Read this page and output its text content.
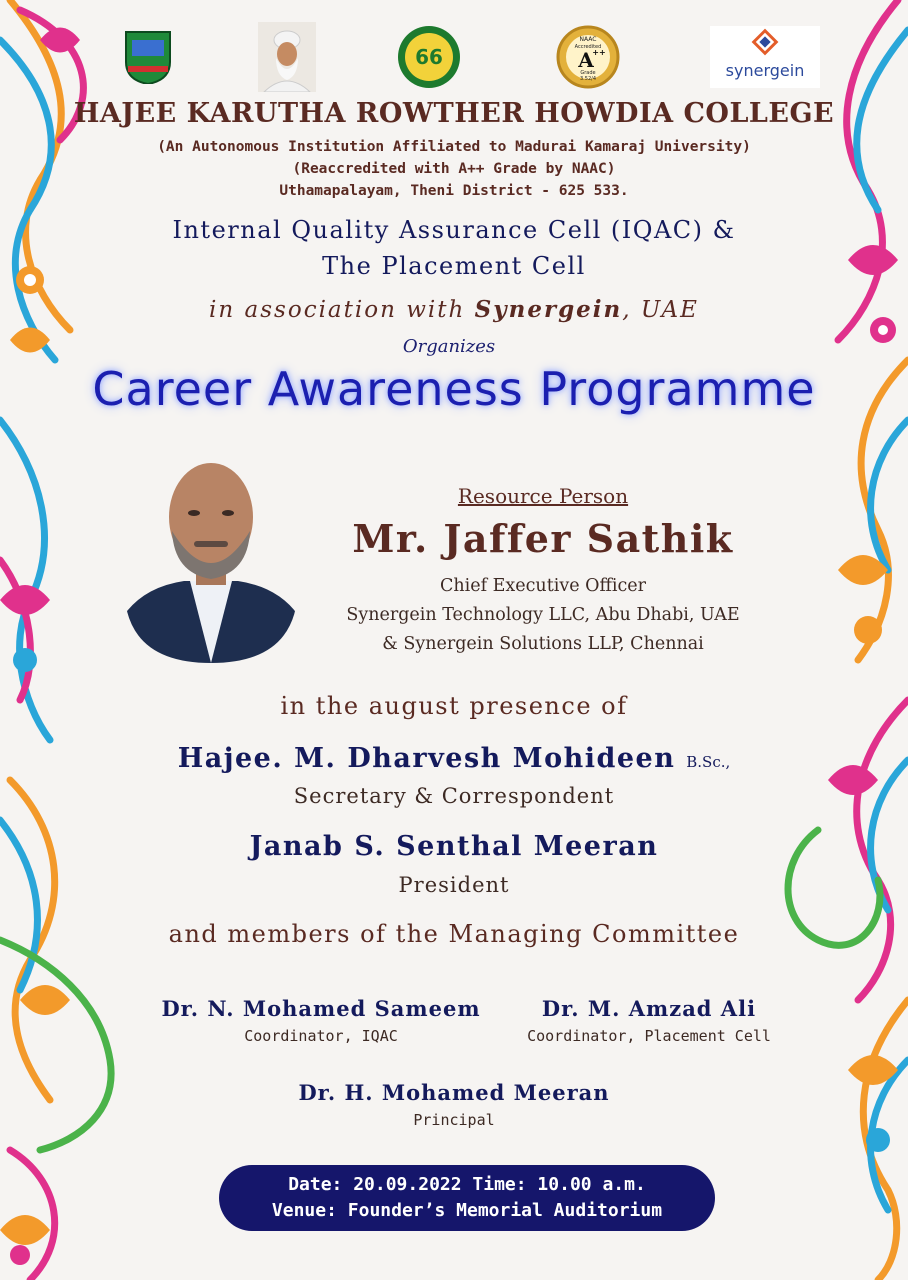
66
NAAC
Accredited
A
++
Grade
3.52/4	synergein
HAJEE KARUTHA ROWTHER HOWDIA COLLEGE
(An Autonomous Institution Affiliated to Madurai Kamaraj University)
(Reaccredited with A++ Grade by NAAC)
Uthamapalayam, Theni District - 625 533.
Internal Quality Assurance Cell (IQAC) &
The Placement Cell
in association with Synergein, UAE
Organizes
Career Awareness Programme
Resource Person
Mr. Jaffer Sathik
Chief Executive Officer
Synergein Technology LLC, Abu Dhabi, UAE
& Synergein Solutions LLP, Chennai
in the august presence of
Hajee. M. Dharvesh Mohideen B.Sc.,
Secretary & Correspondent
Janab S. Senthal Meeran
President
and members of the Managing Committee
Dr. N. Mohamed Sameem
Coordinator, IQAC
Dr. M. Amzad Ali
Coordinator, Placement Cell
Dr. H. Mohamed Meeran
Principal
Date: 20.09.2022 Time: 10.00 a.m.
Venue: Founder’s Memorial Auditorium
